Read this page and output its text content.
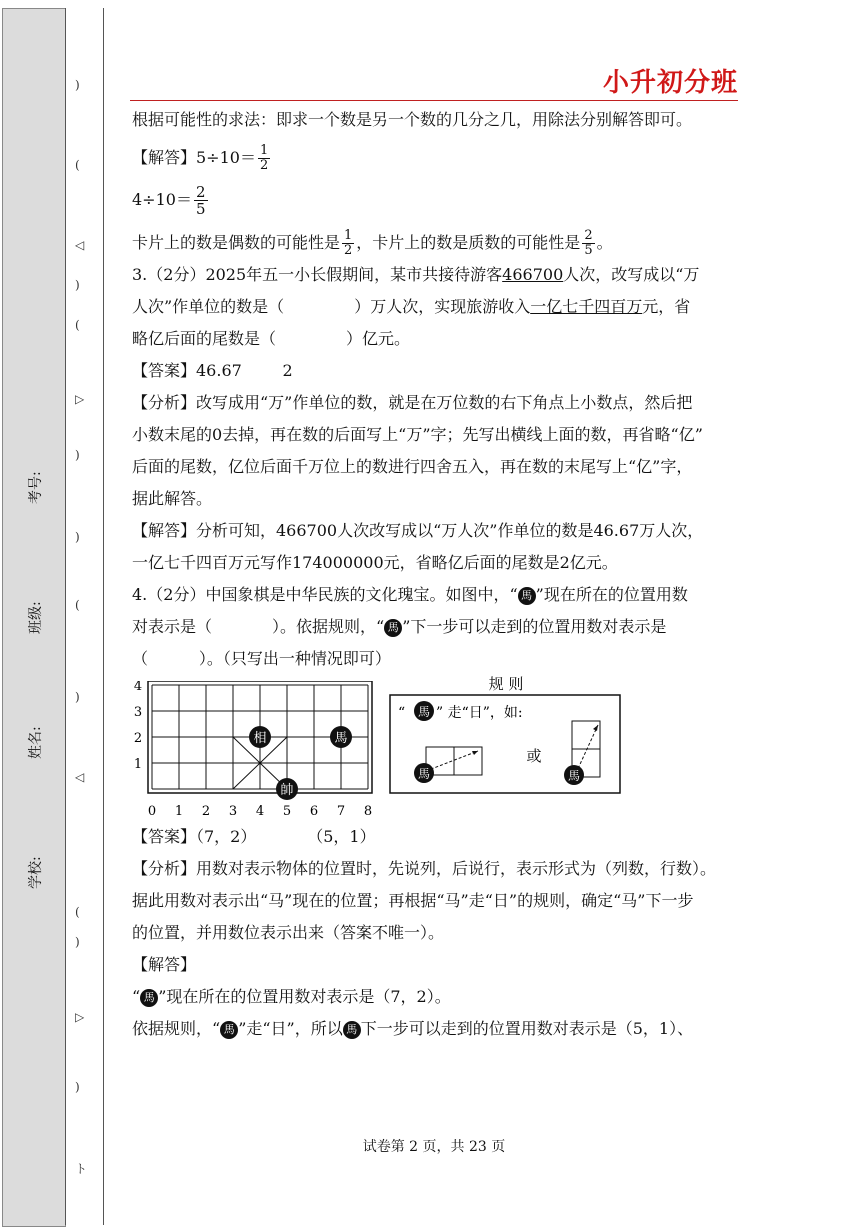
学校:
姓名:
班级:
考号:
小升初分班

根据可能性的求法：即求一个数是另一个数的几分之几，用除法分别解答即可。

【解答】$5\div 10= \frac{1}{2}$

$4\div 10= \frac{2}{5}$

卡片上的数是偶数的可能性是 $\frac{1}{2}$ ，卡片上的数是质数的可能性是 $\frac{2}{5}$ 。

3.（2分）2025年五一小长假期间，某市共接待游客466700人次，改写成以“万

人次”作单位的数是（	）万人次，实现旅游收入一亿七千四百万元，省

略亿后面的尾数是（	）亿元。

【答案】46.67        2

【分析】改写成用“万”作单位的数，就是在万位数的右下角点上小数点，然后把

小数末尾的0去掉，再在数的后面写上“万”字；先写出横线上面的数，再省略“亿”

后面的尾数，亿位后面千万位上的数进行四舍五入，再在数的末尾写上“亿”字，

据此解答。

【解答】分析可知，466700人次改写成以“万人次”作单位的数是46.67万人次，

一亿七千四百万元写作174000000元，省略亿后面的尾数是2亿元。

4.（2分）中国象棋是中华民族的文化瑰宝。如图中，“ 馬 ”现在所在的位置用数

对表示是（	）。依据规则，“ 馬 ”下一步可以走到的位置用数对表示是

（          ）。（只写出一种情况即可）

0 1 2 3 4 5 6 7 8
1
2
3
4
相	馬
帥
规 则
“ 馬 ” 走“日”，如:
馬
或
馬

【答案】（7，2）          （5，1）

【分析】用数对表示物体的位置时，先说列，后说行，表示形式为（列数，行数）。

据此用数对表示出“马”现在的位置；再根据“马”走“日”的规则，确定“马”下一步

的位置，并用数位表示出来（答案不唯一）。

【解答】

“ 馬 ”现在所在的位置用数对表示是（7，2）。

依据规则，“ 馬 ”走“日”，所以 馬 下一步可以走到的位置用数对表示是（5，1）、

试卷第 2 页，共 23 页
)
(
◁
)
(
▷
)
)
(
)
◁
(
)
▷
)
ト
